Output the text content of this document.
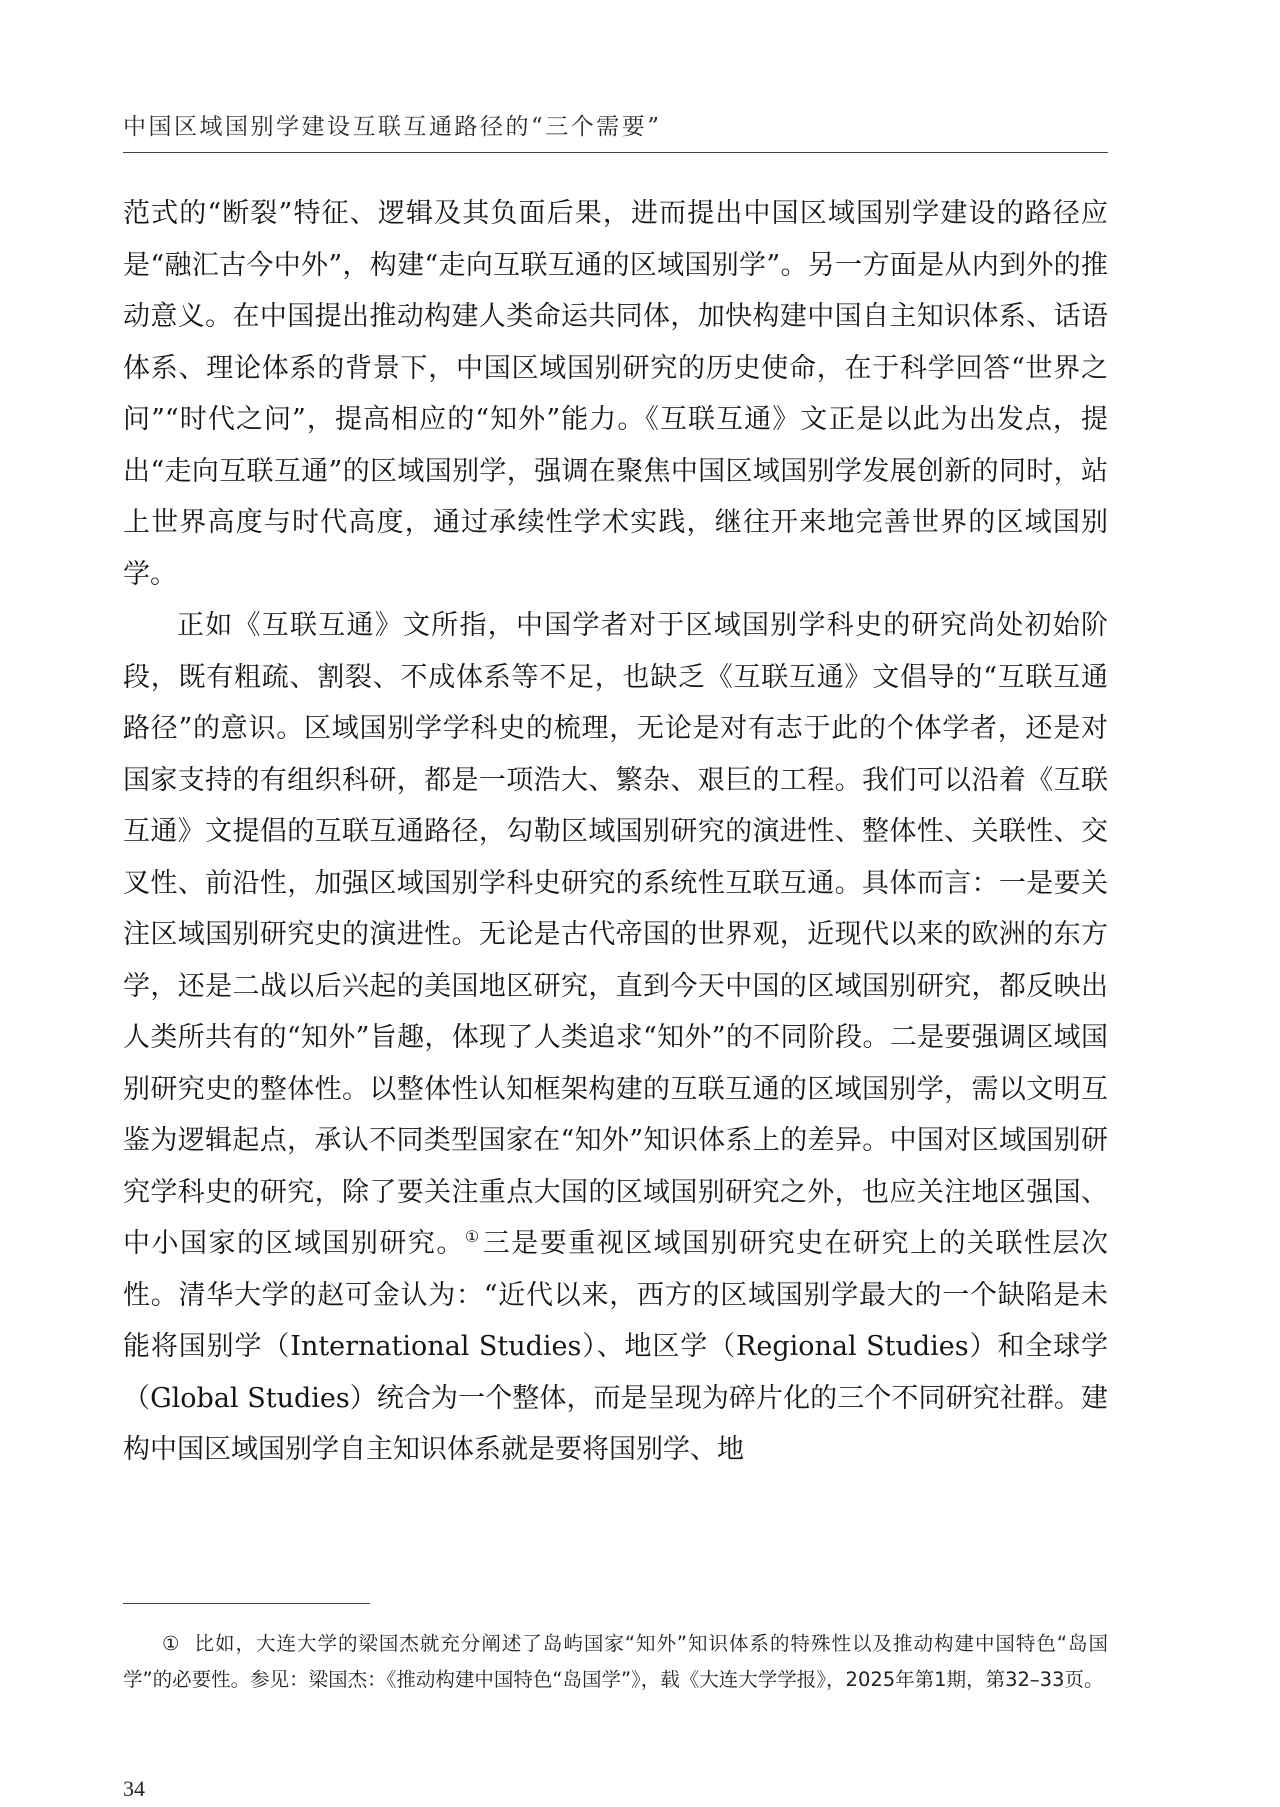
中国区域国别学建设互联互通路径的“三个需要”

范式的“断裂”特征、逻辑及其负面后果，进而提出中国区域国别学建设的路径应是“融汇古今中外”，构建“走向互联互通的区域国别学”。另一方面是从内到外的推动意义。在中国提出推动构建人类命运共同体，加快构建中国自主知识体系、话语体系、理论体系的背景下，中国区域国别研究的历史使命，在于科学回答“世界之问”“时代之问”，提高相应的“知外”能力。《互联互通》文正是以此为出发点，提出“走向互联互通”的区域国别学，强调在聚焦中国区域国别学发展创新的同时，站上世界高度与时代高度，通过承续性学术实践，继往开来地完善世界的区域国别学。

正如《互联互通》文所指，中国学者对于区域国别学科史的研究尚处初始阶段，既有粗疏、割裂、不成体系等不足，也缺乏《互联互通》文倡导的“互联互通路径”的意识。区域国别学学科史的梳理，无论是对有志于此的个体学者，还是对国家支持的有组织科研，都是一项浩大、繁杂、艰巨的工程。我们可以沿着《互联互通》文提倡的互联互通路径，勾勒区域国别研究的演进性、整体性、关联性、交叉性、前沿性，加强区域国别学科史研究的系统性互联互通。具体而言：一是要关注区域国别研究史的演进性。无论是古代帝国的世界观，近现代以来的欧洲的东方学，还是二战以后兴起的美国地区研究，直到今天中国的区域国别研究，都反映出人类所共有的“知外”旨趣，体现了人类追求“知外”的不同阶段。二是要强调区域国别研究史的整体性。以整体性认知框架构建的互联互通的区域国别学，需以文明互鉴为逻辑起点，承认不同类型国家在“知外”知识体系上的差异。中国对区域国别研究学科史的研究，除了要关注重点大国的区域国别研究之外，也应关注地区强国、中小国家的区域国别研究。①三是要重视区域国别研究史在研究上的关联性层次性。清华大学的赵可金认为：“近代以来，西方的区域国别学最大的一个缺陷是未能将国别学（International Studies）、地区学（Regional Studies）和全球学（Global Studies）统合为一个整体，而是呈现为碎片化的三个不同研究社群。建构中国区域国别学自主知识体系就是要将国别学、地

① 比如，大连大学的梁国杰就充分阐述了岛屿国家“知外”知识体系的特殊性以及推动构建中国特色“岛国学”的必要性。参见：梁国杰：《推动构建中国特色“岛国学”》，载《大连大学学报》，2025年第1期，第32–33页。
34
